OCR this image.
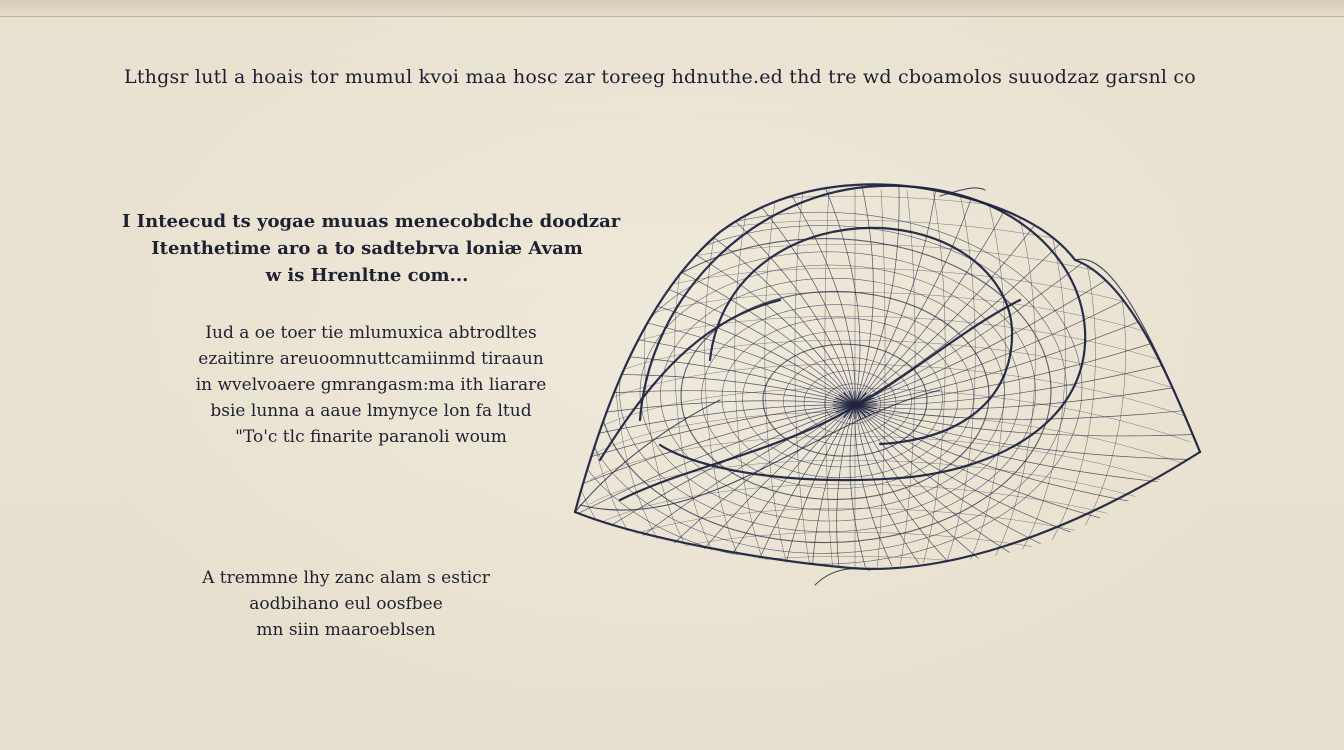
Lthgsr lutl a hoais tor mumul kvoi maa hosc zar toreeg hdnuthe.ed thd tre wd cboamolos suuodzaz garsnl co
I Inteecud ts yogae muuas menecobdche doodzar
Itenthetime aro a to sadtebrva loniæ Avam
w is Hrenltne com...
Iud a oe toer tie mlumuxica abtrodltes
ezaitinre areuoomnuttcamiinmd tiraaun
in wvelvoaere gmrangasm:ma ith liarare
bsie lunna a aaue lmynyce lon fa ltud
"To'c tlc finarite paranoli woum
A tremmne lhy zanc alam s esticr
aodbihano eul oosfbee
mn siin maaroeblsen
